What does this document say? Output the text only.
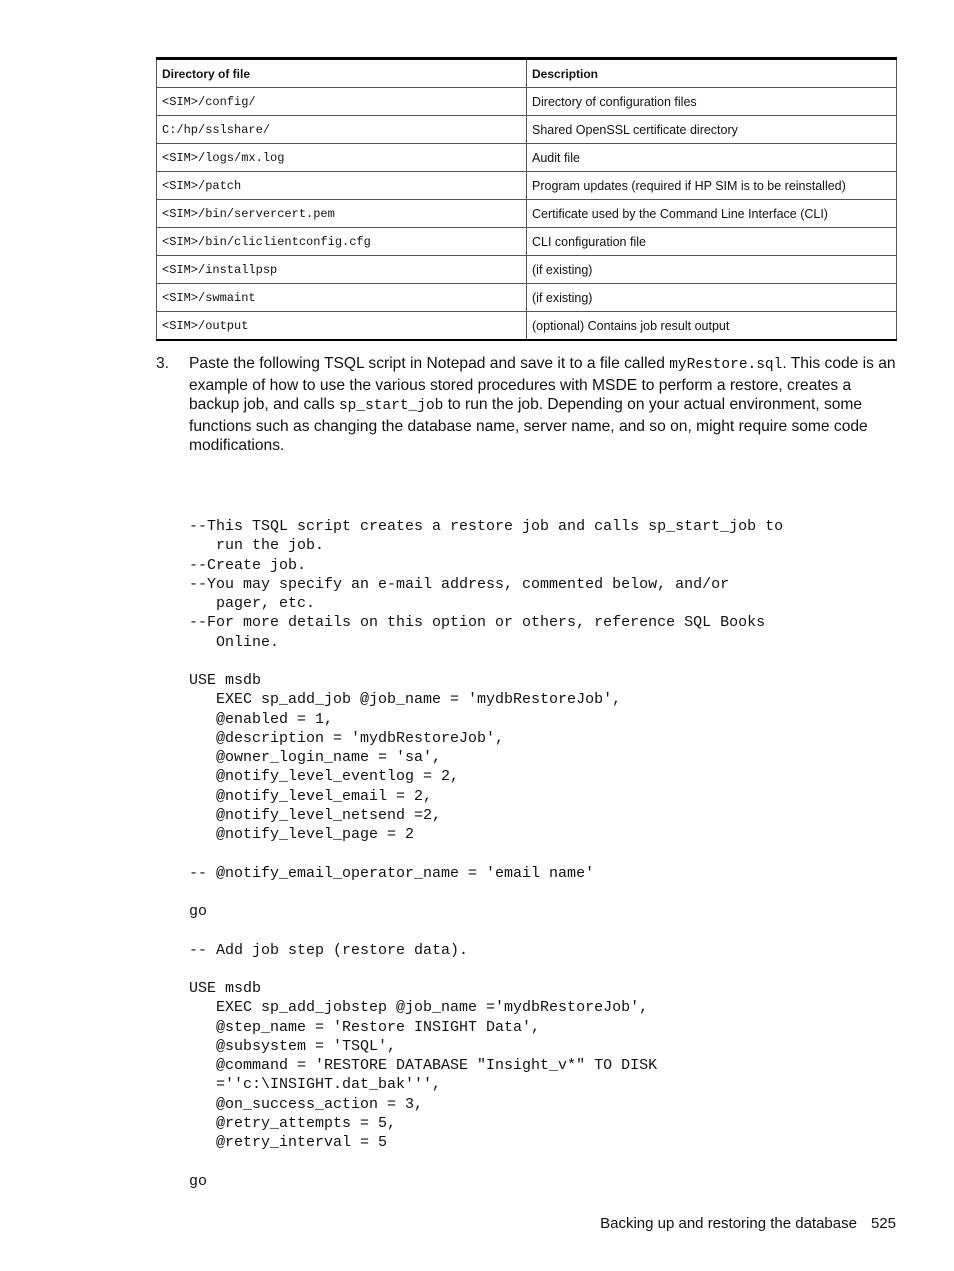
Directory of file	Description
<SIM>/config/	Directory of configuration files
C:/hp/sslshare/	Shared OpenSSL certificate directory
<SIM>/logs/mx.log	Audit file
<SIM>/patch	Program updates (required if HP SIM is to be reinstalled)
<SIM>/bin/servercert.pem	Certificate used by the Command Line Interface (CLI)
<SIM>/bin/cliclientconfig.cfg	CLI configuration file
<SIM>/installpsp	(if existing)
<SIM>/swmaint	(if existing)
<SIM>/output	(optional) Contains job result output
3. Paste the following TSQL script in Notepad and save it to a file called myRestore.sql. This code is an example of how to use the various stored procedures with MSDE to perform a restore, creates a backup job, and calls sp_start_job to run the job. Depending on your actual environment, some functions such as changing the database name, server name, and so on, might require some code modifications.
--This TSQL script creates a restore job and calls sp_start_job to
run the job.
--Create job.
--You may specify an e-mail address, commented below, and/or
pager, etc.
--For more details on this option or others, reference SQL Books
Online.

USE msdb
EXEC sp_add_job @job_name = 'mydbRestoreJob',
@enabled = 1,
@description = 'mydbRestoreJob',
@owner_login_name = 'sa',
@notify_level_eventlog = 2,
@notify_level_email = 2,
@notify_level_netsend =2,
@notify_level_page = 2

-- @notify_email_operator_name = 'email name'

go

-- Add job step (restore data).

USE msdb
EXEC sp_add_jobstep @job_name ='mydbRestoreJob',
@step_name = 'Restore INSIGHT Data',
@subsystem = 'TSQL',
@command = 'RESTORE DATABASE "Insight_v*" TO DISK
=''c:\INSIGHT.dat_bak''',
@on_success_action = 3,
@retry_attempts = 5,
@retry_interval = 5

go
Backing up and restoring the database 525
